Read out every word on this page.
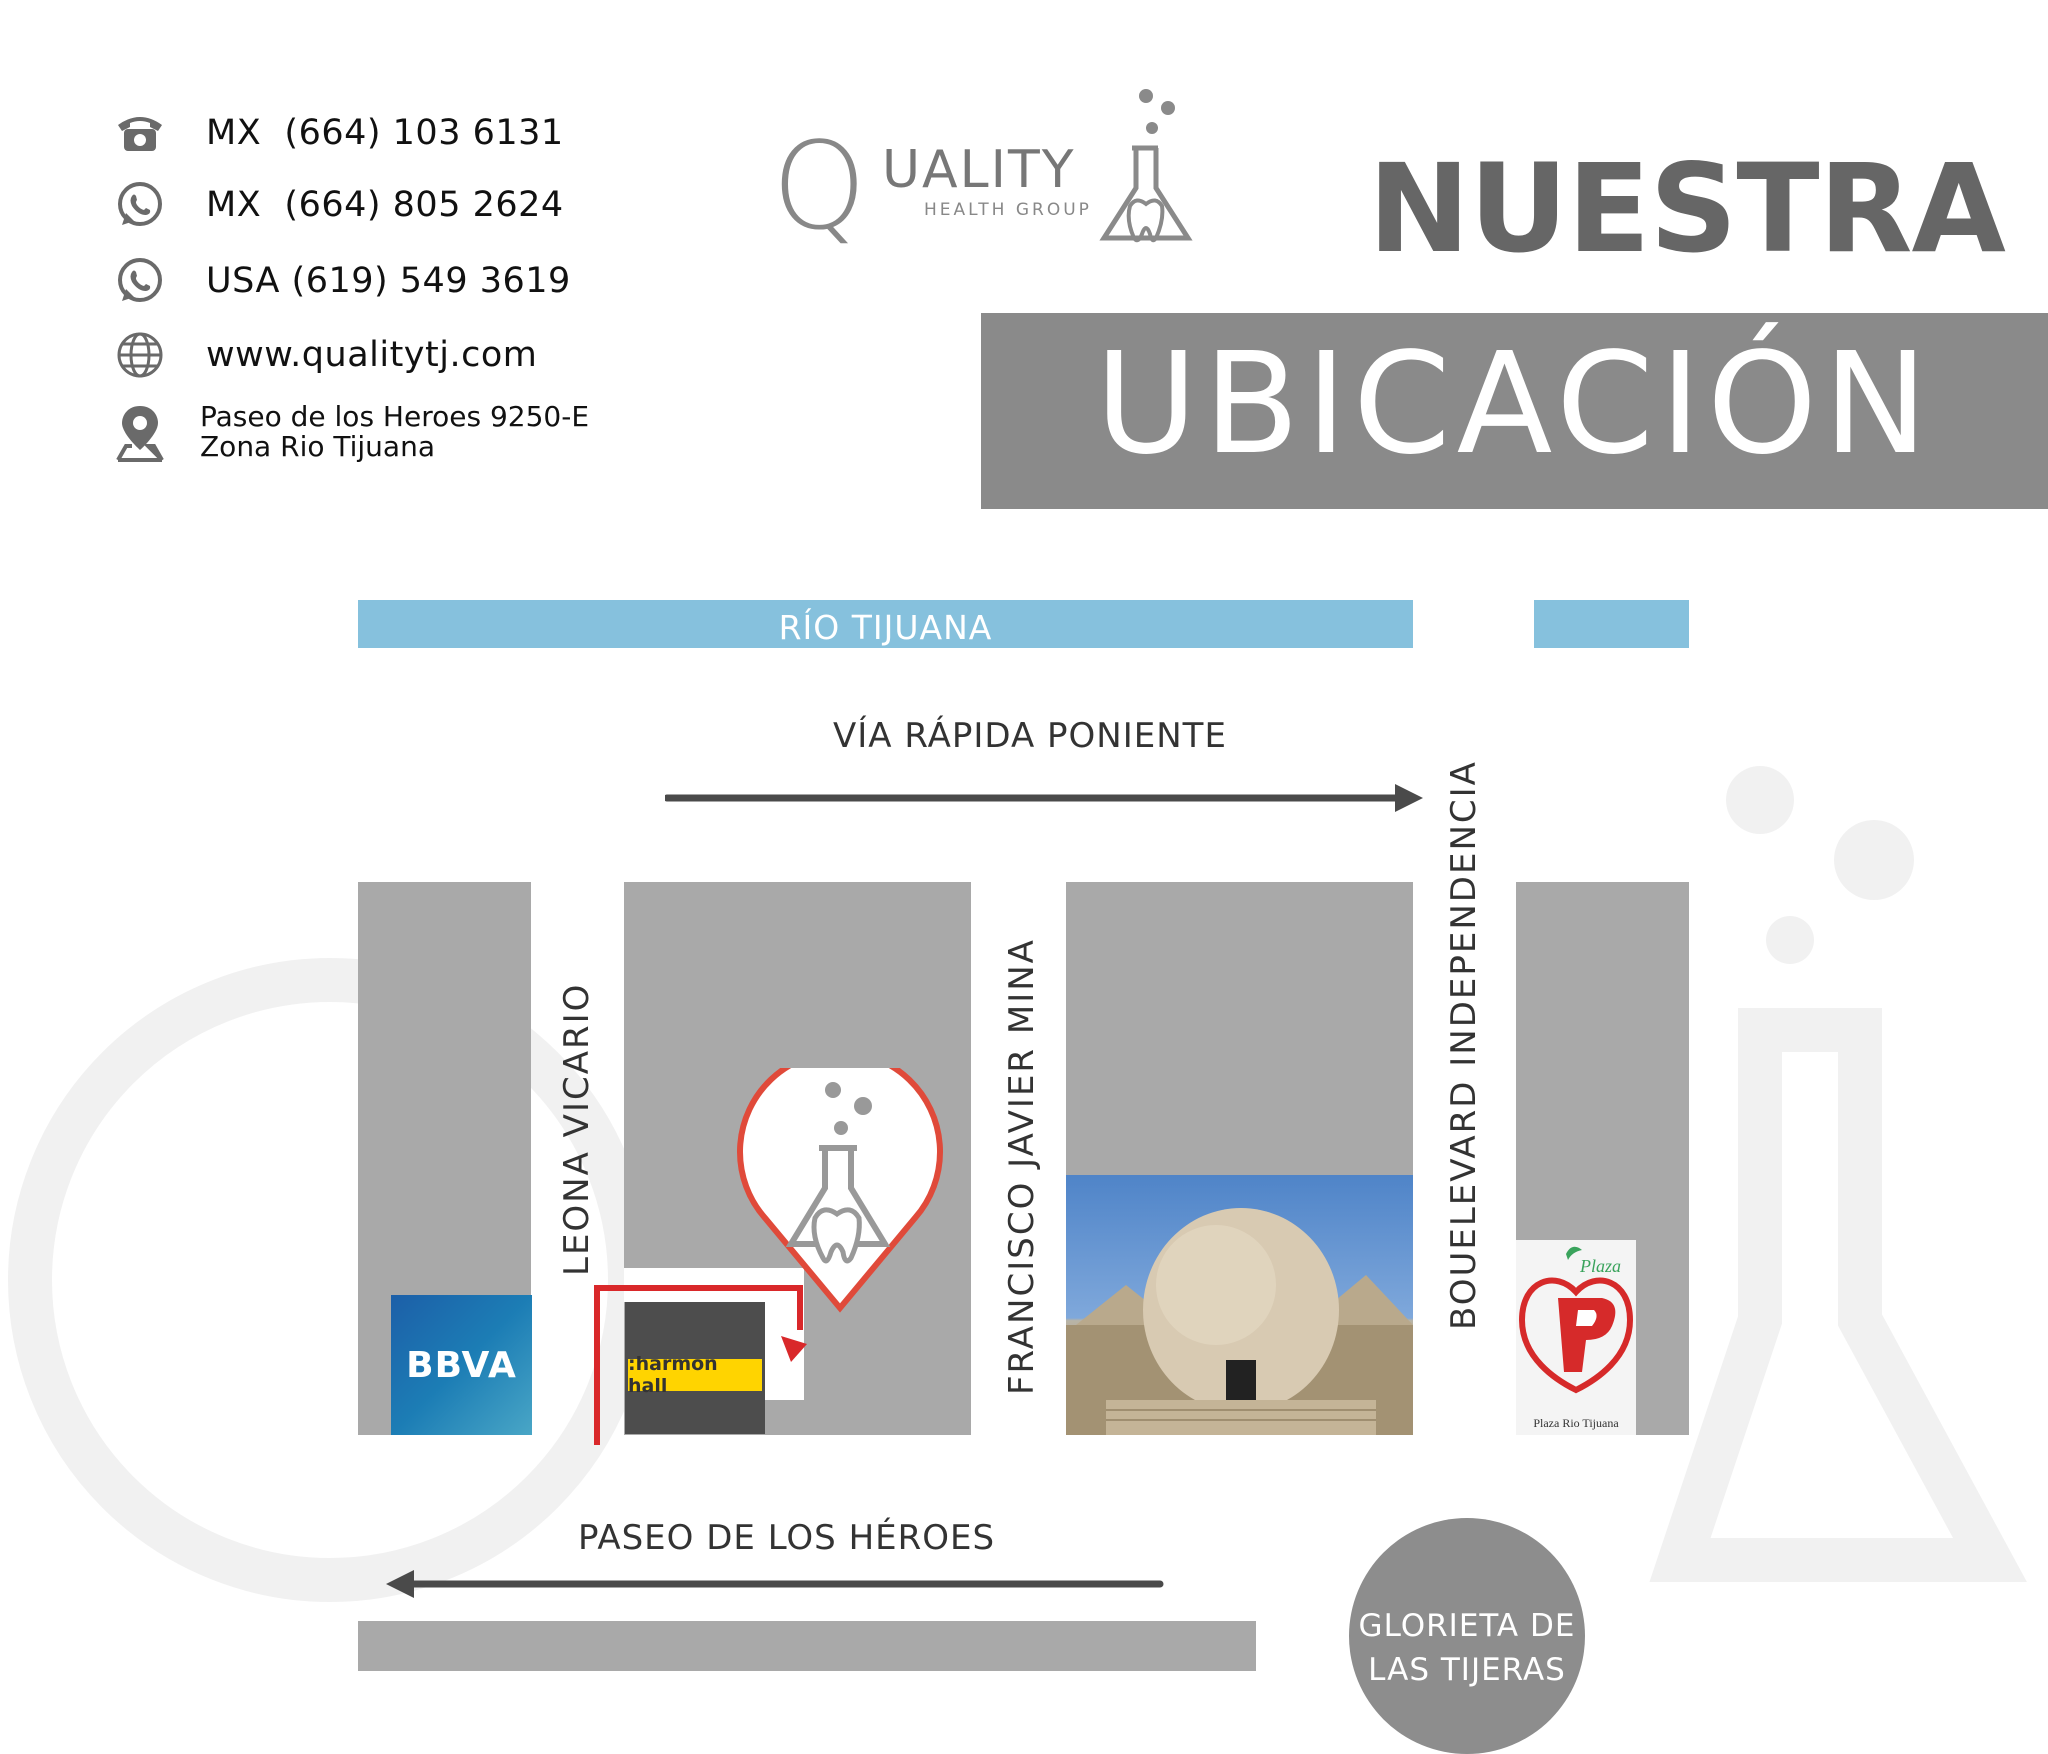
MX  (664) 103 6131
MX  (664) 805 2624
USA (619) 549 3619
www.qualitytj.com
Paseo de los Heroes 9250-E
Zona Rio Tijuana
Q UALITY
HEALTH GROUP NUESTRA
UBICACIÓN
RÍO TIJUANA
VÍA RÁPIDA PONIENTE
LEONA VICARIO	FRANCISCO JAVIER MINA	BOUELEVARD INDEPENDENCIA
BBVA	:harmon hall
Plaza
Plaza Rio Tijuana
PASEO DE LOS HÉROES
GLORIETA DE
LAS TIJERAS
